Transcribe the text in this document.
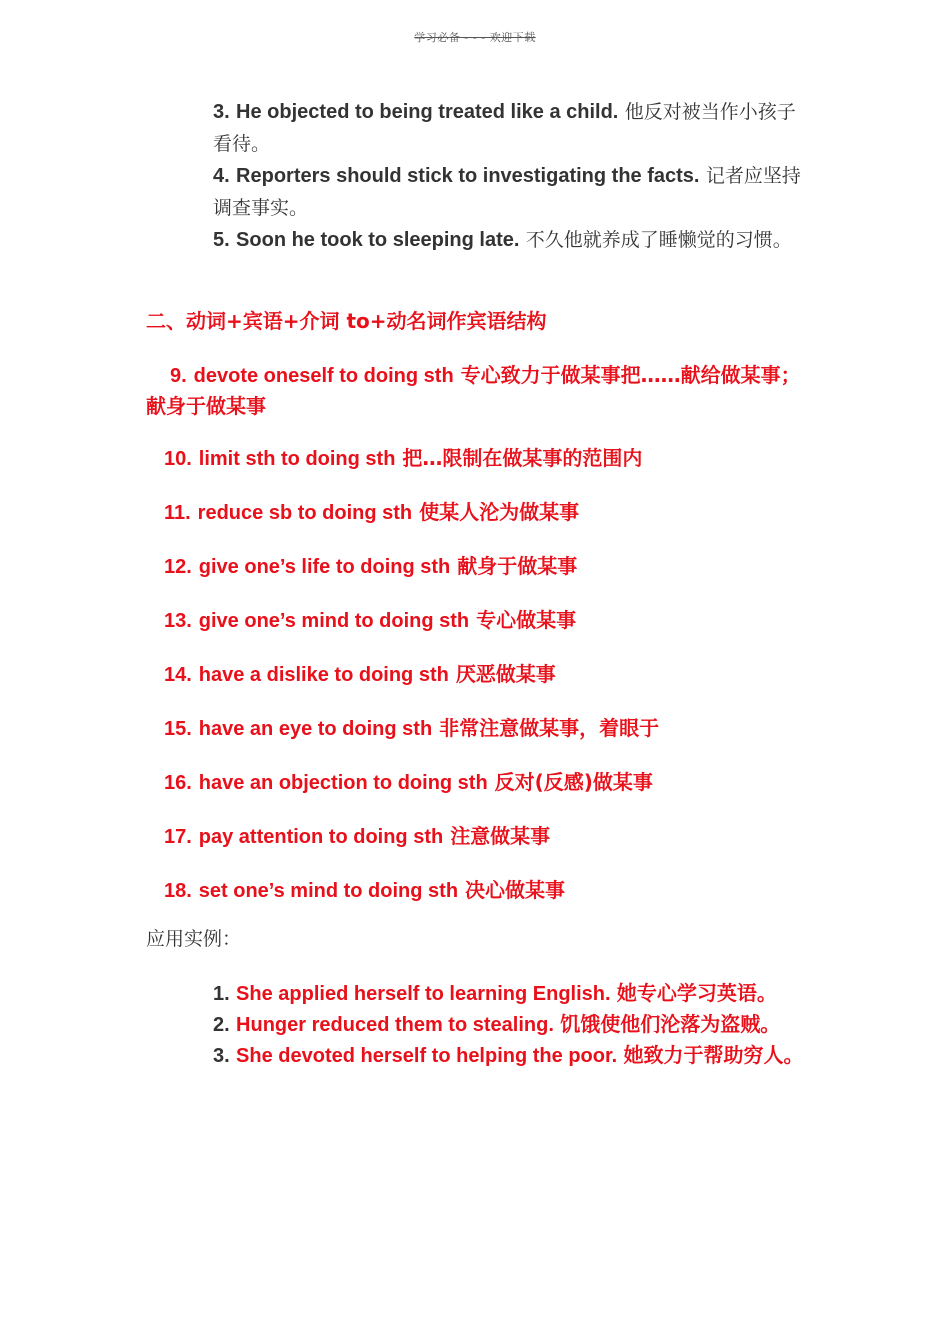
学习必备 - - - 欢迎下载

3. He objected to being treated like a child. 他反对被当作小孩子看待。

4. Reporters should stick to investigating the facts. 记者应坚持调查事实。

5. Soon he took to sleeping late. 不久他就养成了睡懒觉的习惯。

二、动词+宾语+介词 to+动名词作宾语结构
9. devote oneself to doing sth 专心致力于做某事把……献给做某事；献身于做某事
10. limit sth to doing sth 把…限制在做某事的范围内
11. reduce sb to doing sth 使某人沦为做某事
12. give one’s life to doing sth 献身于做某事
13. give one’s mind to doing sth 专心做某事
14. have a dislike to doing sth 厌恶做某事
15. have an eye to doing sth 非常注意做某事，着眼于
16. have an objection to doing sth 反对(反感)做某事
17. pay attention to doing sth 注意做某事
18. set one’s mind to doing sth 决心做某事
应用实例：

1. She applied herself to learning English. 她专心学习英语。

2. Hunger reduced them to stealing. 饥饿使他们沦落为盗贼。

3. She devoted herself to helping the poor. 她致力于帮助穷人。
